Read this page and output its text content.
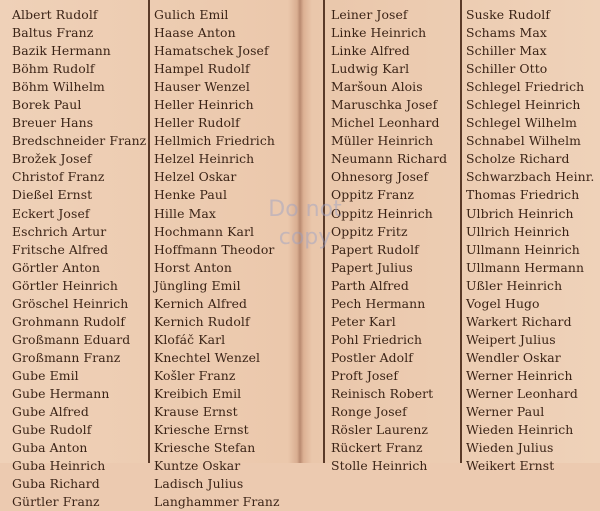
Albert Rudolf
Baltus Franz
Bazik Hermann
Böhm Rudolf
Böhm Wilhelm
Borek Paul
Breuer Hans
Bredschneider Franz
Brožek Josef
Christof Franz
Dießel Ernst
Eckert Josef
Eschrich Artur
Fritsche Alfred
Görtler Anton
Görtler Heinrich
Gröschel Heinrich
Grohmann Rudolf
Großmann Eduard
Großmann Franz
Gube Emil
Gube Hermann
Gube Alfred
Gube Rudolf
Guba Anton
Guba Heinrich
Guba Richard
Gürtler Franz
Gulich Emil
Haase Anton
Hamatschek Josef
Hampel Rudolf
Hauser Wenzel
Heller Heinrich
Heller Rudolf
Hellmich Friedrich
Helzel Heinrich
Helzel Oskar
Henke Paul
Hille Max
Hochmann Karl
Hoffmann Theodor
Horst Anton
Jüngling Emil
Kernich Alfred
Kernich Rudolf
Klofáč Karl
Knechtel Wenzel
Košler Franz
Kreibich Emil
Krause Ernst
Kriesche Ernst
Kriesche Stefan
Kuntze Oskar
Ladisch Julius
Langhammer Franz
Leiner Josef
Linke Heinrich
Linke Alfred
Ludwig Karl
Maršoun Alois
Maruschka Josef
Michel Leonhard
Müller Heinrich
Neumann Richard
Ohnesorg Josef
Oppitz Franz
Oppitz Heinrich
Oppitz Fritz
Papert Rudolf
Papert Julius
Parth Alfred
Pech Hermann
Peter Karl
Pohl Friedrich
Postler Adolf
Proft Josef
Reinisch Robert
Ronge Josef
Rösler Laurenz
Rückert Franz
Stolle Heinrich
Suske Rudolf
Schams Max
Schiller Max
Schiller Otto
Schlegel Friedrich
Schlegel Heinrich
Schlegel Wilhelm
Schnabel Wilhelm
Scholze Richard
Schwarzbach Heinr.
Thomas Friedrich
Ulbrich Heinrich
Ullrich Heinrich
Ullmann Heinrich
Ullmann Hermann
Ußler Heinrich
Vogel Hugo
Warkert Richard
Weipert Julius
Wendler Oskar
Werner Heinrich
Werner Leonhard
Werner Paul
Wieden Heinrich
Wieden Julius
Weikert Ernst
Do not
copy
